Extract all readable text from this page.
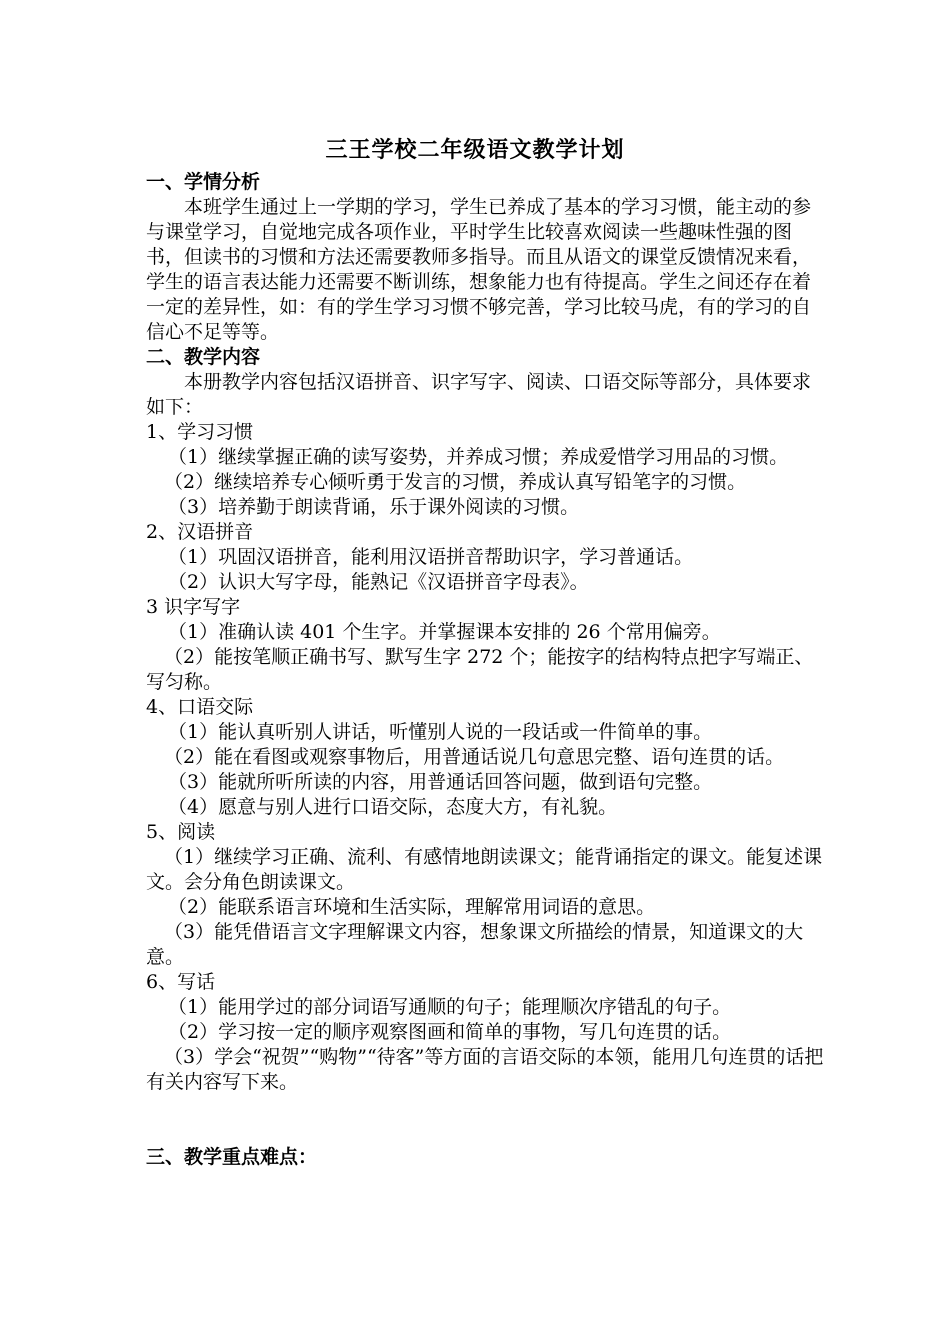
三王学校二年级语文教学计划

一、学情分析

本班学生通过上一学期的学习，学生已养成了基本的学习习惯，能主动的参与课堂学习，自觉地完成各项作业，平时学生比较喜欢阅读一些趣味性强的图书，但读书的习惯和方法还需要教师多指导。而且从语文的课堂反馈情况来看，学生的语言表达能力还需要不断训练，想象能力也有待提高。学生之间还存在着一定的差异性，如：有的学生学习习惯不够完善，学习比较马虎，有的学习的自信心不足等等。

二、教学内容

本册教学内容包括汉语拼音、识字写字、阅读、口语交际等部分，具体要求如下：

1、学习习惯

（1）继续掌握正确的读写姿势，并养成习惯；养成爱惜学习用品的习惯。

（2）继续培养专心倾听勇于发言的习惯，养成认真写铅笔字的习惯。

（3）培养勤于朗读背诵，乐于课外阅读的习惯。

2、汉语拼音

（1）巩固汉语拼音，能利用汉语拼音帮助识字，学习普通话。

（2）认识大写字母，能熟记《汉语拼音字母表》。

3 识字写字

（1）准确认读 401 个生字。并掌握课本安排的 26 个常用偏旁。

（2）能按笔顺正确书写、默写生字 272 个；能按字的结构特点把字写端正、写匀称。

4、口语交际

（1）能认真听别人讲话，听懂别人说的一段话或一件简单的事。

（2）能在看图或观察事物后，用普通话说几句意思完整、语句连贯的话。

（3）能就所听所读的内容，用普通话回答问题，做到语句完整。

（4）愿意与别人进行口语交际，态度大方，有礼貌。

5、阅读

（1）继续学习正确、流利、有感情地朗读课文；能背诵指定的课文。能复述课文。会分角色朗读课文。

（2）能联系语言环境和生活实际，理解常用词语的意思。

（3）能凭借语言文字理解课文内容，想象课文所描绘的情景，知道课文的大意。

6、写话

（1）能用学过的部分词语写通顺的句子；能理顺次序错乱的句子。

（2）学习按一定的顺序观察图画和简单的事物，写几句连贯的话。

（3）学会“祝贺”“购物”“待客”等方面的言语交际的本领，能用几句连贯的话把有关内容写下来。

三、教学重点难点：
